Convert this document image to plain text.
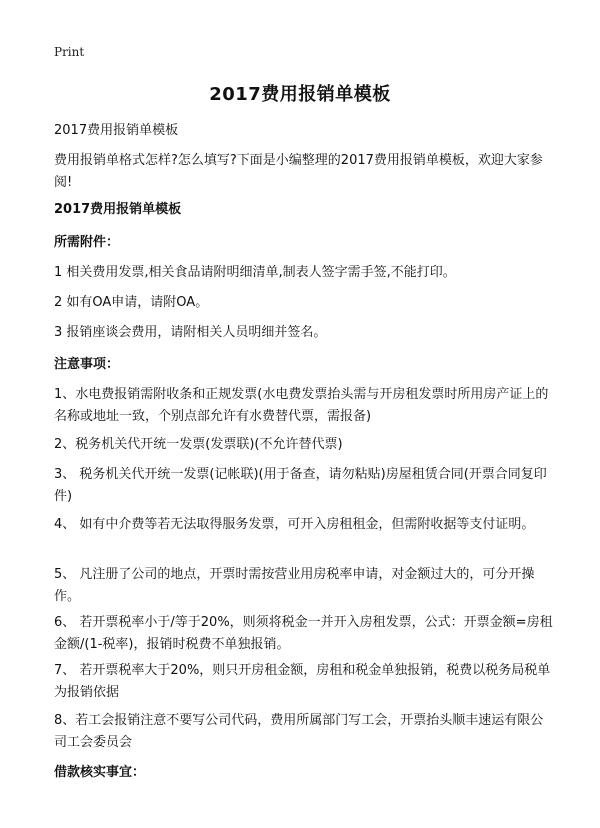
Print
2017费用报销单模板
2017费用报销单模板
费用报销单格式怎样?怎么填写?下面是小编整理的2017费用报销单模板，欢迎大家参阅!
2017费用报销单模板
所需附件：
1 相关费用发票,相关食品请附明细清单,制表人签字需手签,不能打印。
2 如有OA申请，请附OA。
3 报销座谈会费用，请附相关人员明细并签名。
注意事项：
1、水电费报销需附收条和正规发票(水电费发票抬头需与开房租发票时所用房产证上的名称或地址一致，个别点部允许有水费替代票，需报备)
2、税务机关代开统一发票(发票联)(不允许替代票)
3、 税务机关代开统一发票(记帐联)(用于备查，请勿粘贴)房屋租赁合同(开票合同复印件)
4、 如有中介费等若无法取得服务发票，可开入房租租金，但需附收据等支付证明。
5、 凡注册了公司的地点，开票时需按营业用房税率申请，对金额过大的，可分开操作。
6、 若开票税率小于/等于20%，则须将税金一并开入房租发票，公式：开票金额=房租金额/(1-税率)，报销时税费不单独报销。
7、 若开票税率大于20%，则只开房租金额，房租和税金单独报销，税费以税务局税单为报销依据
8、若工会报销注意不要写公司代码，费用所属部门写工会，开票抬头顺丰速运有限公司工会委员会
借款核实事宜：
